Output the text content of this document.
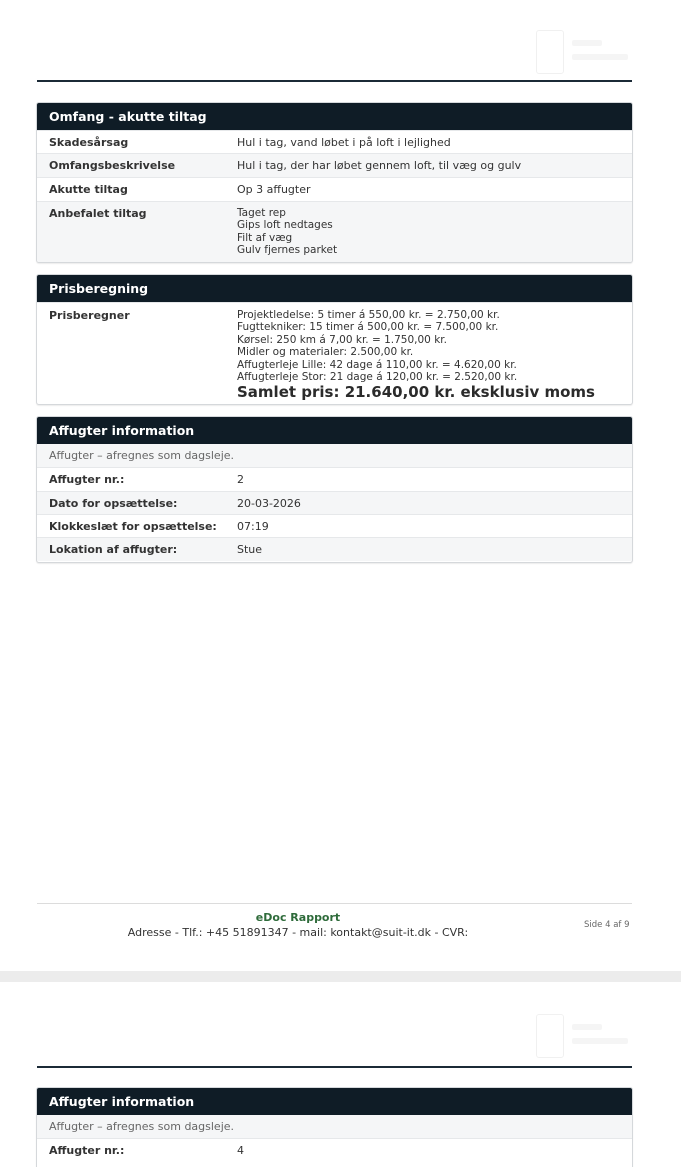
Omfang - akutte tiltag
Skadesårsag	Hul i tag, vand løbet i på loft i lejlighed
Omfangsbeskrivelse	Hul i tag, der har løbet gennem loft, til væg og gulv
Akutte tiltag	Op 3 affugter
Anbefalet tiltag	Taget rep
Gips loft nedtages
Filt af væg
Gulv fjernes parket
Prisberegning
Prisberegner	Projektledelse: 5 timer á 550,00 kr. = 2.750,00 kr.
Fugttekniker: 15 timer á 500,00 kr. = 7.500,00 kr.
Kørsel: 250 km á 7,00 kr. = 1.750,00 kr.
Midler og materialer: 2.500,00 kr.
Affugterleje Lille: 42 dage á 110,00 kr. = 4.620,00 kr.
Affugterleje Stor: 21 dage á 120,00 kr. = 2.520,00 kr.
Samlet pris: 21.640,00 kr. eksklusiv moms
Affugter information
Affugter – afregnes som dagsleje.
Affugter nr.:	2
Dato for opsættelse:	20-03-2026
Klokkeslæt for opsættelse:	07:19
Lokation af affugter:	Stue
eDoc Rapport
Adresse - Tlf.: +45 51891347 - mail: kontakt@suit-it.dk - CVR:
Side 4 af 9
Affugter information
Affugter – afregnes som dagsleje.
Affugter nr.:	4
